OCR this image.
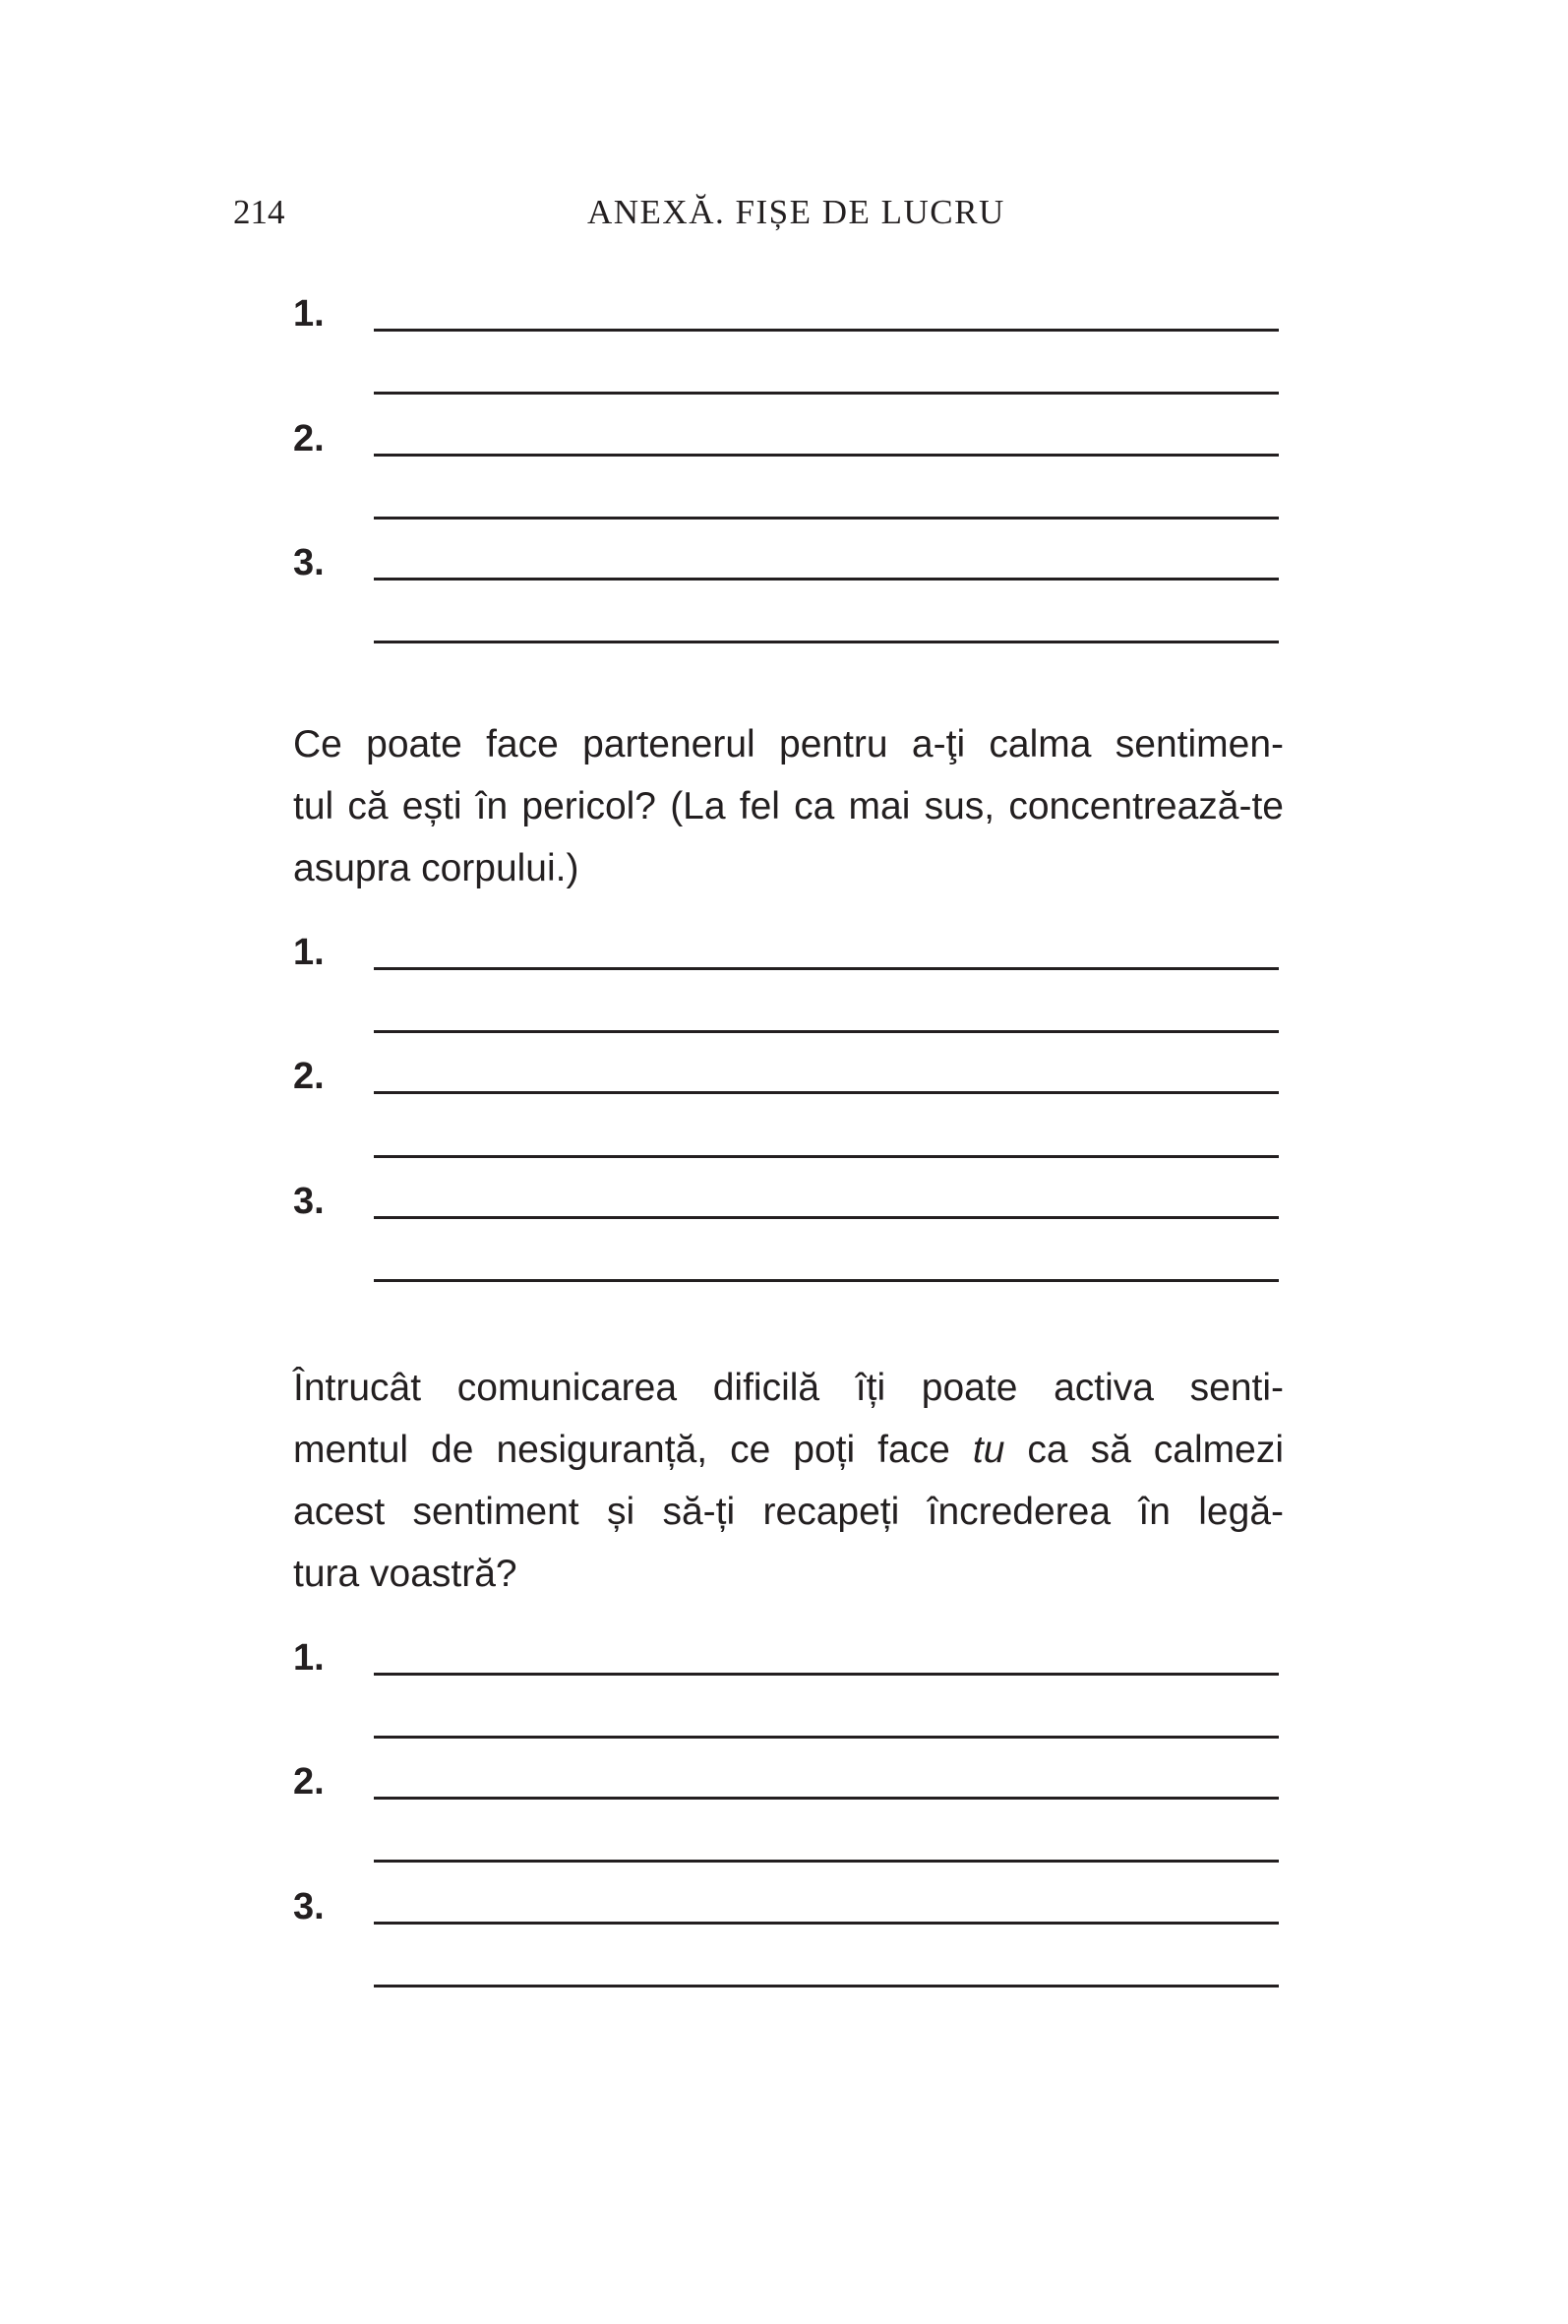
214	ANEXĂ. FIȘE DE LUCRU
1.
2.
3.
Ce poate face partenerul pentru a-ţi calma sentimen-
tul că ești în pericol? (La fel ca mai sus, concentrează-te
asupra corpului.)
1.
2.
3.
Întrucât comunicarea dificilă îți poate activa senti-
mentul de nesiguranță, ce poți face tu ca să calmezi
acest sentiment și să-ți recapeți încrederea în legă-
tura voastră?
1.
2.
3.
